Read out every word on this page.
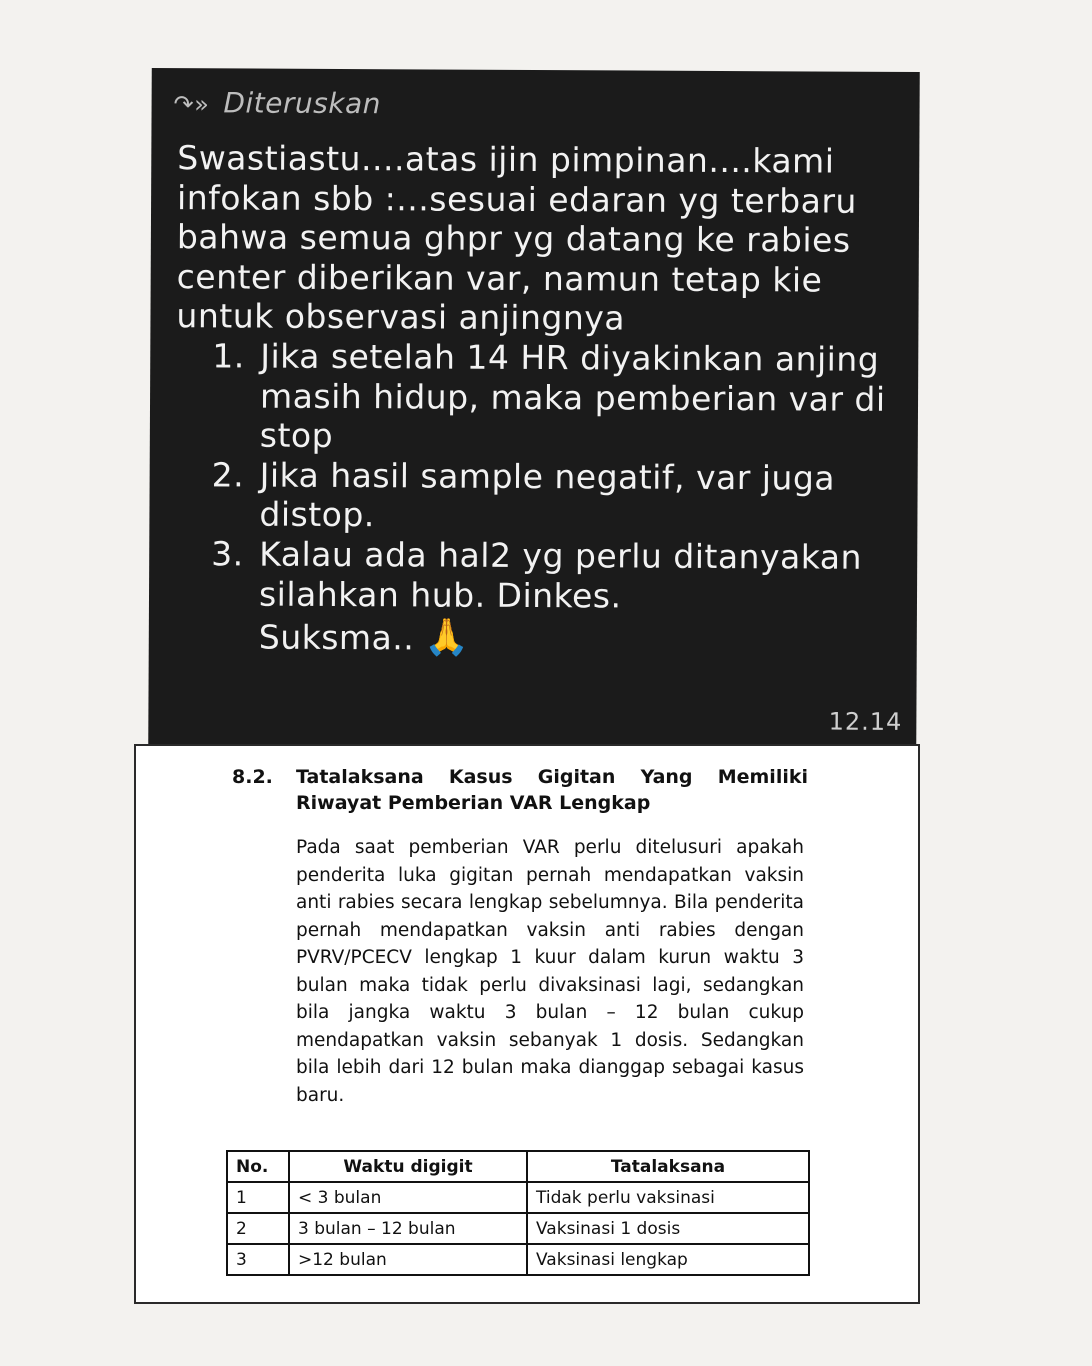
↷» Diteruskan

Swastiastu....atas ijin pimpinan....kami infokan sbb :...sesuai edaran yg terbaru bahwa semua ghpr yg datang ke rabies center diberikan var, namun tetap kie untuk observasi anjingnya

1. Jika setelah 14 HR diyakinkan anjing masih hidup, maka pemberian var di stop
2. Jika hasil sample negatif, var juga distop.
3. Kalau ada hal2 yg perlu ditanyakan silahkan hub. Dinkes.
Suksma.. 🙏
12.14
8.2. Tatalaksana Kasus Gigitan Yang Memiliki Riwayat Pemberian VAR Lengkap
Pada saat pemberian VAR perlu ditelusuri apakah penderita luka gigitan pernah mendapatkan vaksin anti rabies secara lengkap sebelumnya. Bila penderita pernah mendapatkan vaksin anti rabies dengan PVRV/PCECV lengkap 1 kuur dalam kurun waktu 3 bulan maka tidak perlu divaksinasi lagi, sedangkan bila jangka waktu 3 bulan – 12 bulan cukup mendapatkan vaksin sebanyak 1 dosis. Sedangkan bila lebih dari 12 bulan maka dianggap sebagai kasus baru.
No.	Waktu digigit	Tatalaksana
1	< 3 bulan	Tidak perlu vaksinasi
2	3 bulan – 12 bulan	Vaksinasi 1 dosis
3	>12 bulan	Vaksinasi lengkap
